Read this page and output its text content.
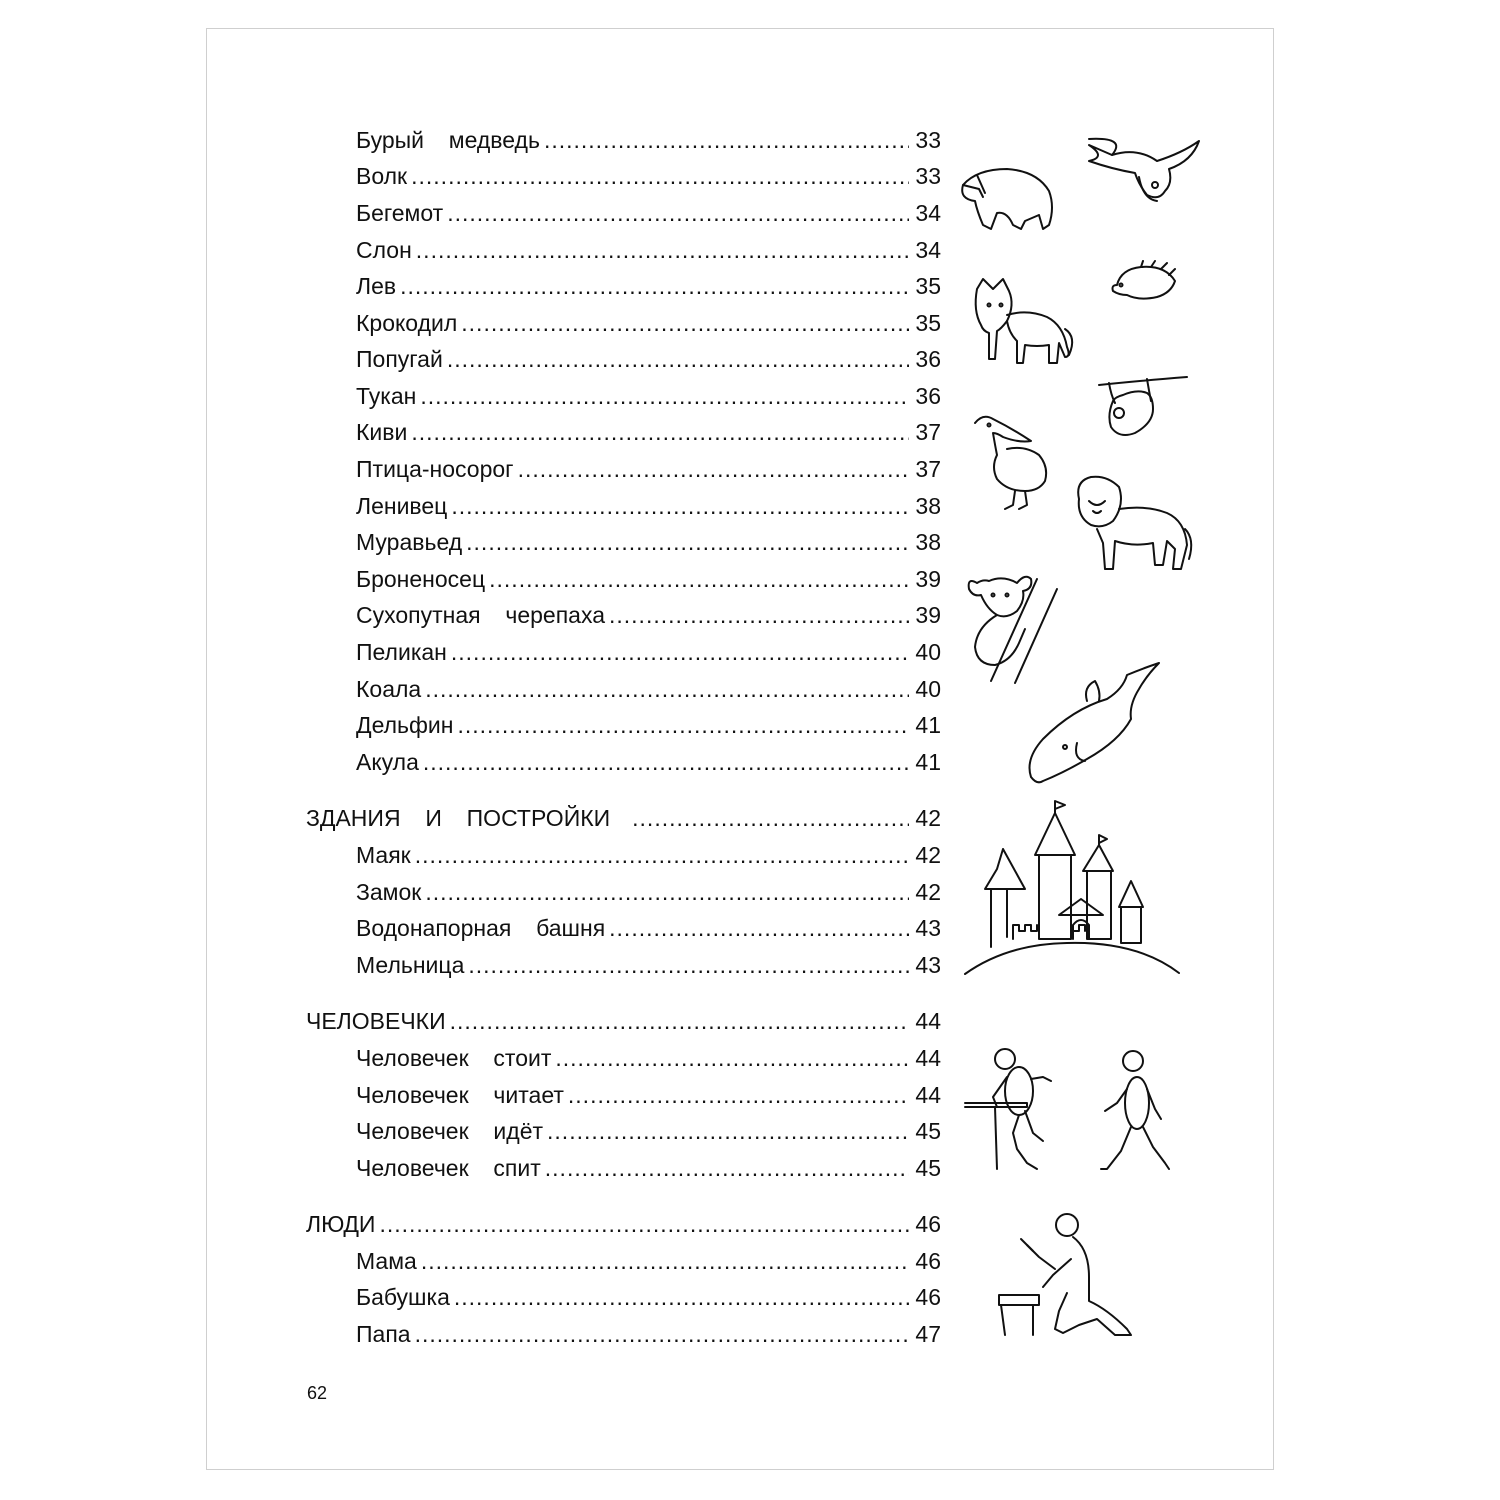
Бурый  медведь .....	33
Волк .....	33
Бегемот .....	34
Слон .....	34
Лев .....	35
Крокодил .....	35
Попугай .....	36
Тукан .....	36
Киви .....	37
Птица-носорог .....	37
Ленивец .....	38
Муравьед .....	38
Броненосец .....	39
Сухопутная  черепаха .....	39
Пеликан .....	40
Коала .....	40
Дельфин .....	41
Акула .....	41
ЗДАНИЯ  И  ПОСТРОЙКИ .....	42
Маяк .....	42
Замок .....	42
Водонапорная  башня .....	43
Мельница .....	43
ЧЕЛОВЕЧКИ .....	44
Человечек  стоит .....	44
Человечек  читает .....	44
Человечек  идёт .....	45
Человечек  спит .....	45
ЛЮДИ .....	46
Мама .....	46
Бабушка .....	46
Папа .....	47
62
